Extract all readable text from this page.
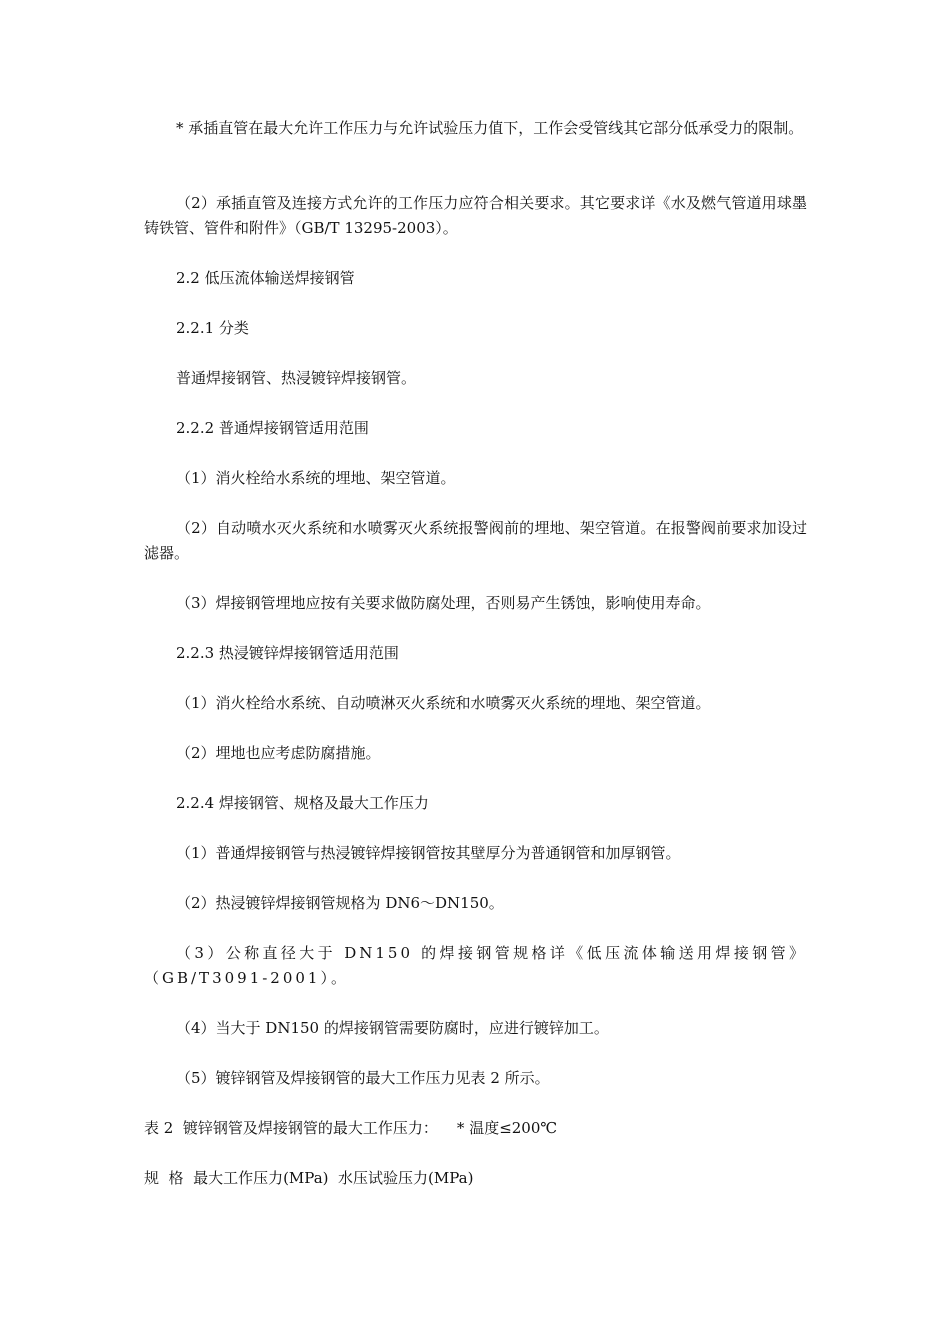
* 承插直管在最大允许工作压力与允许试验压力值下，工作会受管线其它部分低承受力的限制。

（2）承插直管及连接方式允许的工作压力应符合相关要求。其它要求详《水及燃气管道用球墨铸铁管、管件和附件》（GB/T 13295-2003）。

2.2 低压流体输送焊接钢管

2.2.1 分类

普通焊接钢管、热浸镀锌焊接钢管。

2.2.2 普通焊接钢管适用范围

（1）消火栓给水系统的埋地、架空管道。

（2）自动喷水灭火系统和水喷雾灭火系统报警阀前的埋地、架空管道。在报警阀前要求加设过滤器。

（3）焊接钢管埋地应按有关要求做防腐处理，否则易产生锈蚀，影响使用寿命。

2.2.3 热浸镀锌焊接钢管适用范围

（1）消火栓给水系统、自动喷淋灭火系统和水喷雾灭火系统的埋地、架空管道。

（2）埋地也应考虑防腐措施。

2.2.4 焊接钢管、规格及最大工作压力

（1）普通焊接钢管与热浸镀锌焊接钢管按其壁厚分为普通钢管和加厚钢管。

（2）热浸镀锌焊接钢管规格为 DN6～DN150。

（3）公称直径大于 DN150 的焊接钢管规格详《低压流体输送用焊接钢管》（GB/T3091-2001）。

（4）当大于 DN150 的焊接钢管需要防腐时，应进行镀锌加工。

（5）镀锌钢管及焊接钢管的最大工作压力见表 2 所示。

表 2  镀锌钢管及焊接钢管的最大工作压力：    * 温度≤200℃

规  格  最大工作压力(MPa)  水压试验压力(MPa)
